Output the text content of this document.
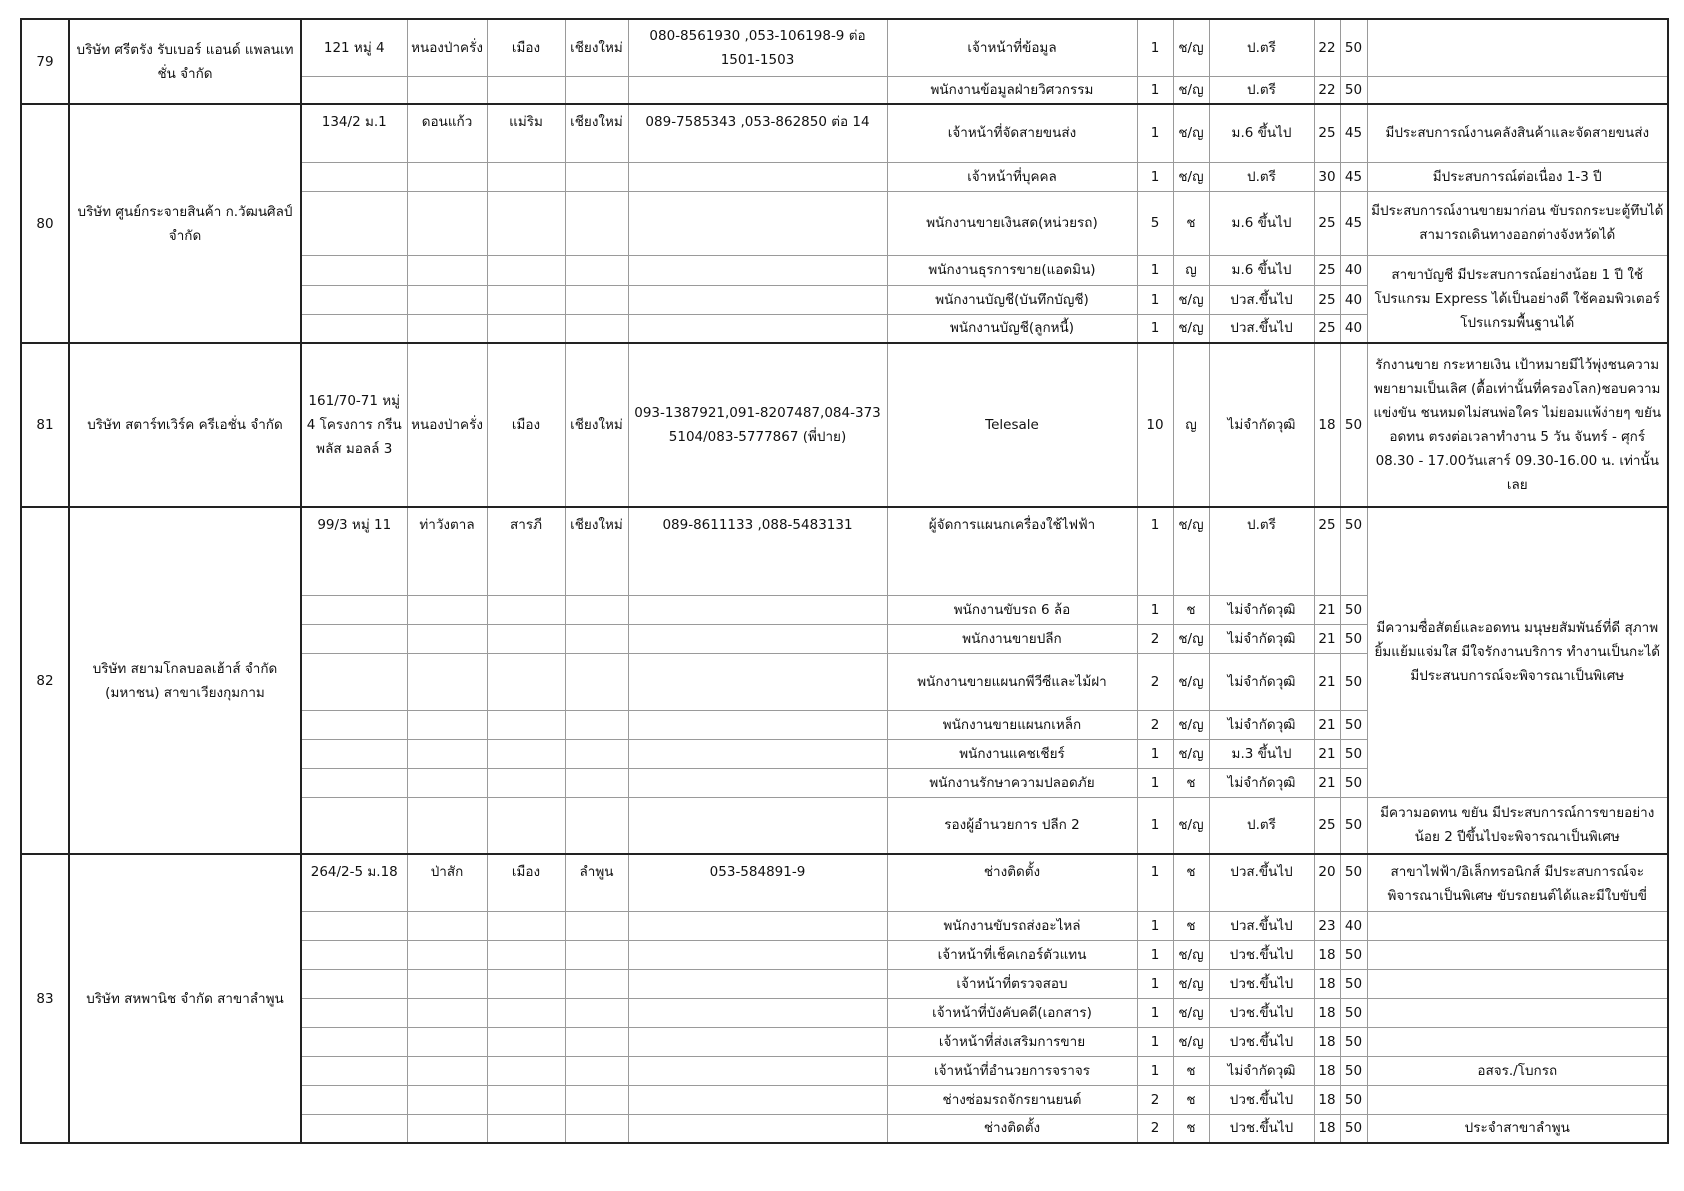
79	บริษัท ศรีตรัง รับเบอร์ แอนด์ แพลนเทชั่น จำกัด	121 หมู่ 4	หนองป่าครั่ง	เมือง	เชียงใหม่	080-8561930 ,053-106198-9 ต่อ 1501-1503	เจ้าหน้าที่ข้อมูล	1	ช/ญ	ป.ตรี	22	50	
							พนักงานข้อมูลฝ่ายวิศวกรรม	1	ช/ญ	ป.ตรี	22	50	
80	บริษัท ศูนย์กระจายสินค้า ก.วัฒนศิลป์ จำกัด	134/2 ม.1	ดอนแก้ว	แม่ริม	เชียงใหม่	089-7585343 ,053-862850 ต่อ 14	เจ้าหน้าที่จัดสายขนส่ง	1	ช/ญ	ม.6 ขึ้นไป	25	45	มีประสบการณ์งานคลังสินค้าและจัดสายขนส่ง
							เจ้าหน้าที่บุคคล	1	ช/ญ	ป.ตรี	30	45	มีประสบการณ์ต่อเนื่อง 1-3 ปี
							พนักงานขายเงินสด(หน่วยรถ)	5	ช	ม.6 ขึ้นไป	25	45	มีประสบการณ์งานขายมาก่อน ขับรถกระบะตู้ทึบได้ สามารถเดินทางออกต่างจังหวัดได้
							พนักงานธุรการขาย(แอดมิน)	1	ญ	ม.6 ขึ้นไป	25	40	สาขาบัญชี มีประสบการณ์อย่างน้อย 1 ปี ใช้โปรแกรม Express ได้เป็นอย่างดี ใช้คอมพิวเตอร์โปรแกรมพื้นฐานได้
							พนักงานบัญชี(บันทึกบัญชี)	1	ช/ญ	ปวส.ขึ้นไป	25	40	
							พนักงานบัญชี(ลูกหนี้)	1	ช/ญ	ปวส.ขึ้นไป	25	40	
81	บริษัท สตาร์ทเวิร์ค ครีเอชั่น จำกัด	161/70-71 หมู่ 4 โครงการ กรีน พลัส มอลล์ 3	หนองป่าครั่ง	เมือง	เชียงใหม่	093-1387921,091-8207487,084-3735104/083-5777867 (พี่ปาย)	Telesale	10	ญ	ไม่จำกัดวุฒิ	18	50	รักงานขาย กระหายเงิน เป้าหมายมีไว้พุ่งชนความพยายามเป็นเลิศ (ตื้อเท่านั้นที่ครองโลก)ชอบความแข่งขัน ชนหมดไม่สนพ่อใคร ไม่ยอมแพ้ง่ายๆ ขยัน อดทน ตรงต่อเวลาทำงาน 5 วัน จันทร์ - ศุกร์ 08.30 - 17.00วันเสาร์ 09.30-16.00 น. เท่านั้นเลย
82	บริษัท สยามโกลบอลเฮ้าส์ จำกัด (มหาชน) สาขาเวียงกุมกาม	99/3 หมู่ 11	ท่าวังตาล	สารภี	เชียงใหม่	089-8611133 ,088-5483131	ผู้จัดการแผนกเครื่องใช้ไฟฟ้า	1	ช/ญ	ป.ตรี	25	50	มีความซื่อสัตย์และอดทน มนุษยสัมพันธ์ที่ดี สุภาพ ยิ้มแย้มแจ่มใส มีใจรักงานบริการ ทำงานเป็นกะได้ มีประสนบการณ์จะพิจารณาเป็นพิเศษ
							พนักงานขับรถ 6 ล้อ	1	ช	ไม่จำกัดวุฒิ	21	50	
							พนักงานขายปลีก	2	ช/ญ	ไม่จำกัดวุฒิ	21	50	
							พนักงานขายแผนกพีวีซีและไม้ฝา	2	ช/ญ	ไม่จำกัดวุฒิ	21	50	
							พนักงานขายแผนกเหล็ก	2	ช/ญ	ไม่จำกัดวุฒิ	21	50	
							พนักงานแคชเชียร์	1	ช/ญ	ม.3 ขึ้นไป	21	50	
							พนักงานรักษาความปลอดภัย	1	ช	ไม่จำกัดวุฒิ	21	50	
							รองผู้อำนวยการ ปลีก 2	1	ช/ญ	ป.ตรี	25	50	มีความอดทน ขยัน มีประสบการณ์การขายอย่างน้อย 2 ปีขึ้นไปจะพิจารณาเป็นพิเศษ
83	บริษัท สหพานิช จำกัด สาขาลำพูน	264/2-5 ม.18	ป่าสัก	เมือง	ลำพูน	053-584891-9	ช่างติดตั้ง	1	ช	ปวส.ขึ้นไป	20	50	สาขาไฟฟ้า/อิเล็กทรอนิกส์ มีประสบการณ์จะพิจารณาเป็นพิเศษ ขับรถยนต์ได้และมีใบขับขี่
							พนักงานขับรถส่งอะไหล่	1	ช	ปวส.ขึ้นไป	23	40	
							เจ้าหน้าที่เช็คเกอร์ตัวแทน	1	ช/ญ	ปวช.ขึ้นไป	18	50	
							เจ้าหน้าที่ตรวจสอบ	1	ช/ญ	ปวช.ขึ้นไป	18	50	
							เจ้าหน้าที่บังคับคดี(เอกสาร)	1	ช/ญ	ปวช.ขึ้นไป	18	50	
							เจ้าหน้าที่ส่งเสริมการขาย	1	ช/ญ	ปวช.ขึ้นไป	18	50	
							เจ้าหน้าที่อำนวยการจราจร	1	ช	ไม่จำกัดวุฒิ	18	50	อสจร./โบกรถ
							ช่างซ่อมรถจักรยานยนต์	2	ช	ปวช.ขึ้นไป	18	50	
							ช่างติดตั้ง	2	ช	ปวช.ขึ้นไป	18	50	ประจำสาขาลำพูน
